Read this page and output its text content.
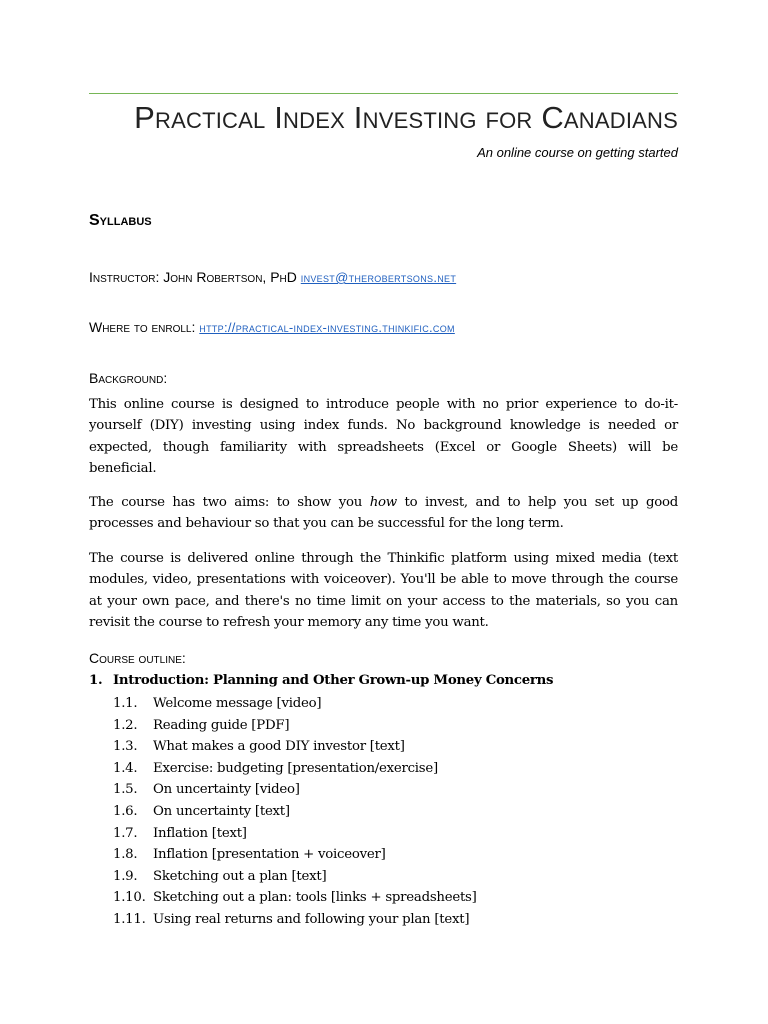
Practical Index Investing for Canadians
An online course on getting started
Syllabus
Instructor: John Robertson, PhD invest@therobertsons.net
Where to enroll: http://practical-index-investing.thinkific.com
Background:

This online course is designed to introduce people with no prior experience to do-it-yourself (DIY) investing using index funds. No background knowledge is needed or expected, though familiarity with spreadsheets (Excel or Google Sheets) will be beneficial.

The course has two aims: to show you how to invest, and to help you set up good processes and behaviour so that you can be successful for the long term.

The course is delivered online through the Thinkific platform using mixed media (text modules, video, presentations with voiceover). You'll be able to move through the course at your own pace, and there's no time limit on your access to the materials, so you can revisit the course to refresh your memory any time you want.

Course outline:
1. Introduction: Planning and Other Grown-up Money Concerns
1.1. Welcome message [video]
1.2. Reading guide [PDF]
1.3. What makes a good DIY investor [text]
1.4. Exercise: budgeting [presentation/exercise]
1.5. On uncertainty [video]
1.6. On uncertainty [text]
1.7. Inflation [text]
1.8. Inflation [presentation + voiceover]
1.9. Sketching out a plan [text]
1.10. Sketching out a plan: tools [links + spreadsheets]
1.11. Using real returns and following your plan [text]
